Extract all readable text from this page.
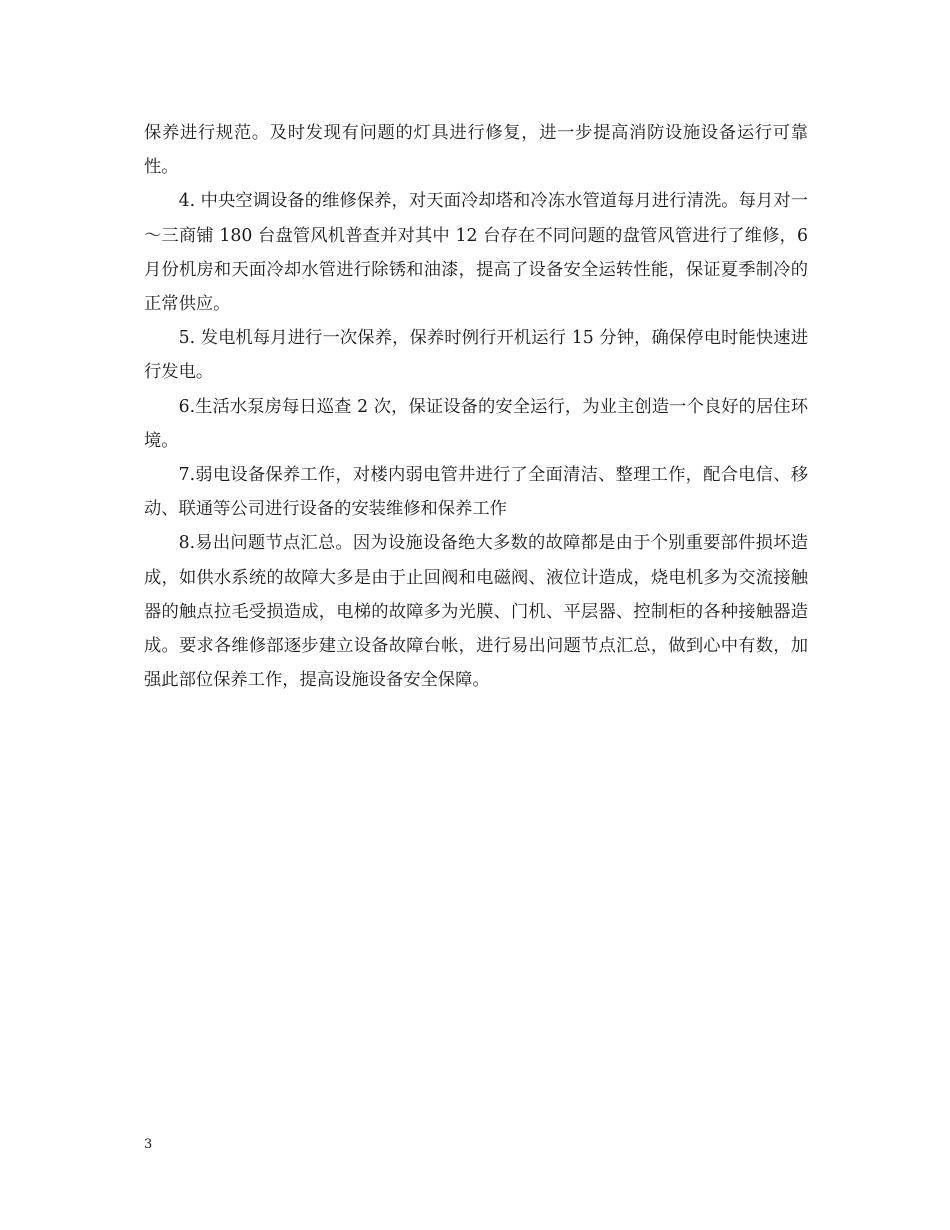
保养进行规范。及时发现有问题的灯具进行修复，进一步提高消防设施设备运行可靠性。

4. 中央空调设备的维修保养，对天面冷却塔和冷冻水管道每月进行清洗。每月对一～三商铺 180 台盘管风机普查并对其中 12 台存在不同问题的盘管风管进行了维修，6 月份机房和天面冷却水管进行除锈和油漆，提高了设备安全运转性能，保证夏季制冷的正常供应。

5. 发电机每月进行一次保养，保养时例行开机运行 15 分钟，确保停电时能快速进行发电。

6.生活水泵房每日巡查 2 次，保证设备的安全运行，为业主创造一个良好的居住环境。

7.弱电设备保养工作，对楼内弱电管井进行了全面清洁、整理工作，配合电信、移动、联通等公司进行设备的安装维修和保养工作

8.易出问题节点汇总。因为设施设备绝大多数的故障都是由于个别重要部件损坏造成，如供水系统的故障大多是由于止回阀和电磁阀、液位计造成，烧电机多为交流接触器的触点拉毛受损造成，电梯的故障多为光膜、门机、平层器、控制柜的各种接触器造成。要求各维修部逐步建立设备故障台帐，进行易出问题节点汇总，做到心中有数，加强此部位保养工作，提高设施设备安全保障。

3
